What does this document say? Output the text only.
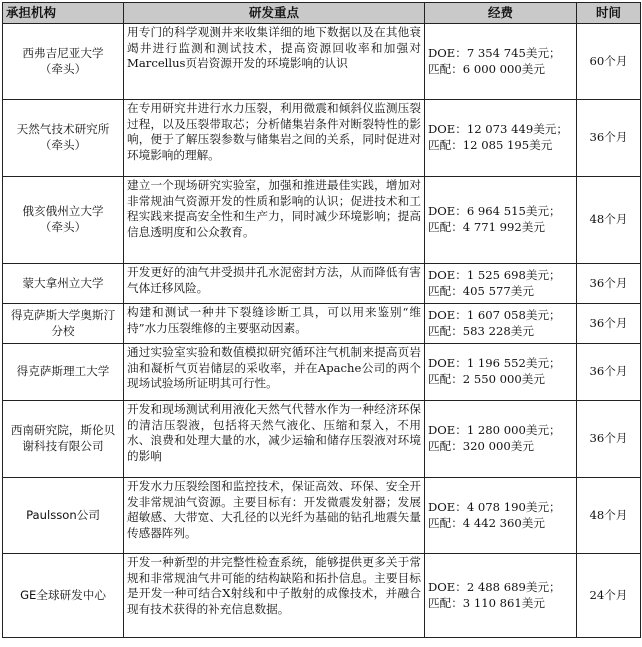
承担机构	研发重点	经费	时间

西弗吉尼亚大学
（牵头）	用专门的科学观测井来收集详细的地下数据以及在其他衰竭井进行监测和测试技术，提高资源回收率和加强对Marcellus页岩资源开发的环境影响的认识	DOE：7 354 745美元；
匹配：6 000 000美元	60个月

天然气技术研究所
（牵头）	在专用研究井进行水力压裂，利用微震和倾斜仪监测压裂过程，以及压裂带取芯；分析储集岩条件对断裂特性的影响，便于了解压裂参数与储集岩之间的关系，同时促进对环境影响的理解。	DOE：12 073 449美元；
匹配：12 085 195美元	36个月

俄亥俄州立大学
（牵头）	建立一个现场研究实验室，加强和推进最佳实践，增加对非常规油气资源开发的性质和影响的认识；促进技术和工程实践来提高安全性和生产力，同时减少环境影响；提高信息透明度和公众教育。	DOE：6 964 515美元；
匹配：4 771 992美元	48个月

蒙大拿州立大学	开发更好的油气井受损井孔水泥密封方法，从而降低有害气体迁移风险。	DOE：1 525 698美元；
匹配：405 577美元	36个月

得克萨斯大学奥斯汀分校	构建和测试一种井下裂缝诊断工具，可以用来鉴别“维持”水力压裂维修的主要驱动因素。	DOE：1 607 058美元；
匹配：583 228美元	36个月

得克萨斯理工大学	通过实验室实验和数值模拟研究循环注气机制来提高页岩油和凝析气页岩储层的采收率，并在Apache公司的两个现场试验场所证明其可行性。	DOE：1 196 552美元；
匹配：2 550 000美元	36个月

西南研究院，斯伦贝谢科技有限公司	开发和现场测试利用液化天然气代替水作为一种经济环保的清洁压裂液，包括将天然气液化、压缩和泵入，不用水、浪费和处理大量的水，减少运输和储存压裂液对环境的影响	DOE：1 280 000美元；
匹配：320 000美元	36个月

Paulsson公司	开发水力压裂绘图和监控技术，保证高效、环保、安全开发非常规油气资源。主要目标有：开发微震发射器；发展超敏感、大带宽、大孔径的以光纤为基础的钻孔地震矢量传感器阵列。	DOE：4 078 190美元；
匹配：4 442 360美元	48个月

GE全球研发中心	开发一种新型的井完整性检查系统，能够提供更多关于常规和非常规油气井可能的结构缺陷和拓扑信息。主要目标是开发一种可结合X射线和中子散射的成像技术，并融合现有技术获得的补充信息数据。	DOE：2 488 689美元；
匹配：3 110 861美元	24个月
